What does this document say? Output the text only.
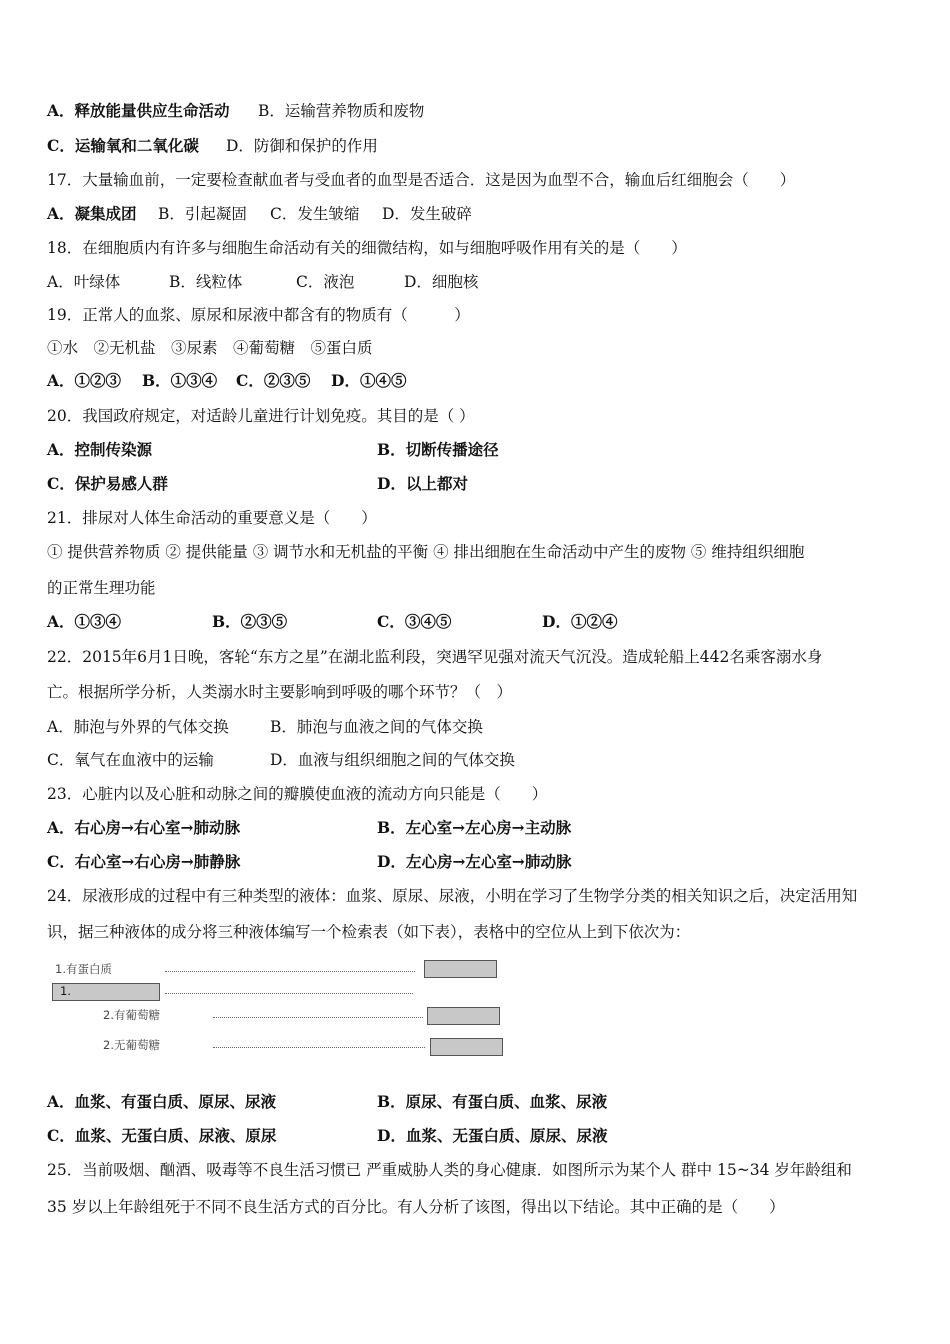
A．释放能量供应生命活动 B．运输营养物质和废物
C．运输氧和二氧化碳 D．防御和保护的作用
17．大量输血前，一定要检查献血者与受血者的血型是否适合．这是因为血型不合，输血后红细胞会（　　）
A．凝集成团 B．引起凝固 C．发生皱缩 D．发生破碎
18．在细胞质内有许多与细胞生命活动有关的细微结构，如与细胞呼吸作用有关的是（　　）
A．叶绿体	B．线粒体	C．液泡	D．细胞核
19．正常人的血浆、原尿和尿液中都含有的物质有（　　　）
①水　②无机盐　③尿素　④葡萄糖　⑤蛋白质
A．①②③ B．①③④ C．②③⑤ D．①④⑤
20．我国政府规定，对适龄儿童进行计划免疫。其目的是（ ）
A．控制传染源	B．切断传播途径
C．保护易感人群	D．以上都对
21．排尿对人体生命活动的重要意义是（　　）
① 提供营养物质 ② 提供能量 ③ 调节水和无机盐的平衡 ④ 排出细胞在生命活动中产生的废物 ⑤ 维持组织细胞
的正常生理功能
A．①③④	B．②③⑤	C．③④⑤	D．①②④
22．2015年6月1日晚，客轮“东方之星”在湖北监利段，突遇罕见强对流天气沉没。造成轮船上442名乘客溺水身
亡。根据所学分析，人类溺水时主要影响到呼吸的哪个环节？（　）
A．肺泡与外界的气体交换	B．肺泡与血液之间的气体交换
C．氧气在血液中的运输	D．血液与组织细胞之间的气体交换
23．心脏内以及心脏和动脉之间的瓣膜使血液的流动方向只能是（　　）
A．右心房→右心室→肺动脉	B．左心室→左心房→主动脉
C．右心室→右心房→肺静脉	D．左心房→左心室→肺动脉
24．尿液形成的过程中有三种类型的液体：血浆、原尿、尿液，小明在学习了生物学分类的相关知识之后，决定活用知
识，据三种液体的成分将三种液体编写一个检索表（如下表），表格中的空位从上到下依次为：
1.有蛋白质
1.
2.有葡萄糖
2.无葡萄糖
A．血浆、有蛋白质、原尿、尿液	B．原尿、有蛋白质、血浆、尿液
C．血浆、无蛋白质、尿液、原尿	D．血浆、无蛋白质、原尿、尿液
25．当前吸烟、酗酒、吸毒等不良生活习惯已 严重威胁人类的身心健康．如图所示为某个人 群中 15~34 岁年龄组和
35 岁以上年龄组死于不同不良生活方式的百分比。有人分析了该图，得出以下结论。其中正确的是（　　）
